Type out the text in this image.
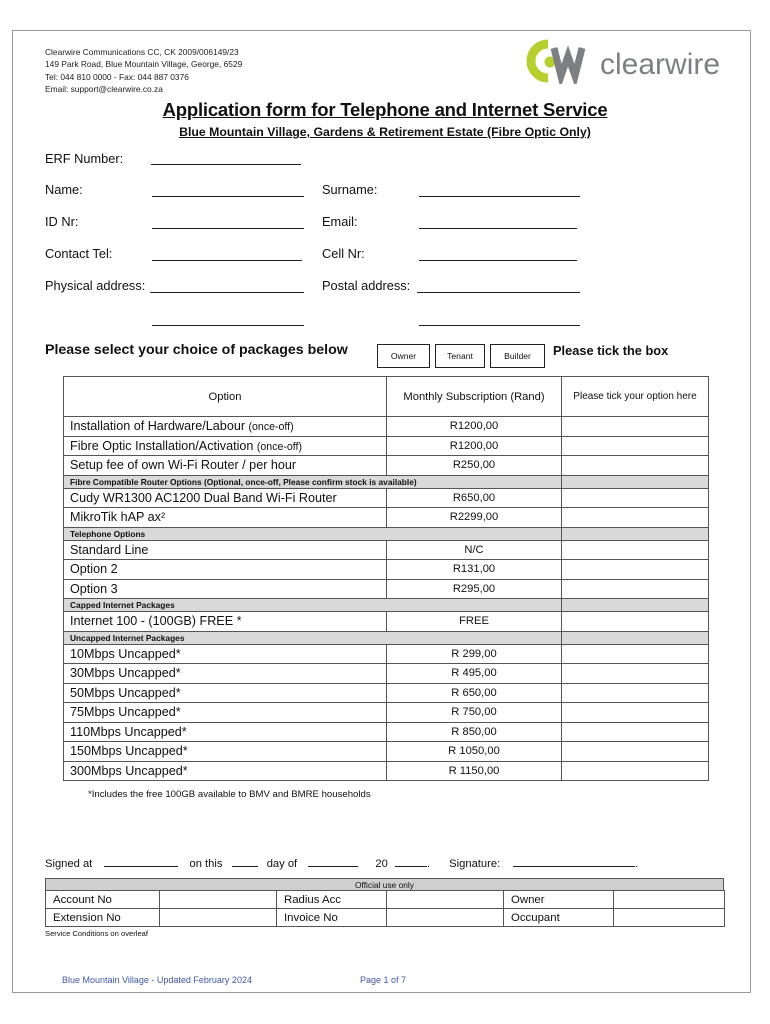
Clearwire Communications CC, CK 2009/006149/23
149 Park Road, Blue Mountain Village, George, 6529
Tel: 044 810 0000 - Fax: 044 887 0376
Email: support@clearwire.co.za
clearwire
Application form for Telephone and Internet Service
Blue Mountain Village, Gardens & Retirement Estate (Fibre Optic Only)
ERF Number:
Name:	Surname:
ID Nr:	Email:
Contact Tel:	Cell Nr:
Physical address:	Postal address:
Please select your choice of packages below	Owner	Tenant	Builder	Please tick the box
Option	Monthly Subscription (Rand)	Please tick your option here
Installation of Hardware/Labour (once-off)	R1200,00	
Fibre Optic Installation/Activation (once-off)	R1200,00	
Setup fee of own Wi-Fi Router / per hour	R250,00	
Fibre Compatible Router Options (Optional, once-off, Please confirm stock is available)		
Cudy WR1300 AC1200 Dual Band Wi-Fi Router	R650,00	
MikroTik hAP ax²	R2299,00	
Telephone Options		
Standard Line	N/C	
Option 2	R131,00	
Option 3	R295,00	
Capped Internet Packages		
Internet 100 - (100GB) FREE *	FREE	
Uncapped Internet Packages		
10Mbps Uncapped*	R 299,00	
30Mbps Uncapped*	R 495,00	
50Mbps Uncapped*	R 650,00	
75Mbps Uncapped*	R 750,00	
110Mbps Uncapped*	R 850,00	
150Mbps Uncapped*	R 1050,00	
300Mbps Uncapped*	R 1150,00	
*Includes the free 100GB available to BMV and BMRE households
Signed at	on this	day of	20	. Signature:	.
Official use only
Account No		Radius Acc		Owner	
Extension No		Invoice No		Occupant	
Service Conditions on overleaf
Blue Mountain Village - Updated February 2024	Page 1 of 7
